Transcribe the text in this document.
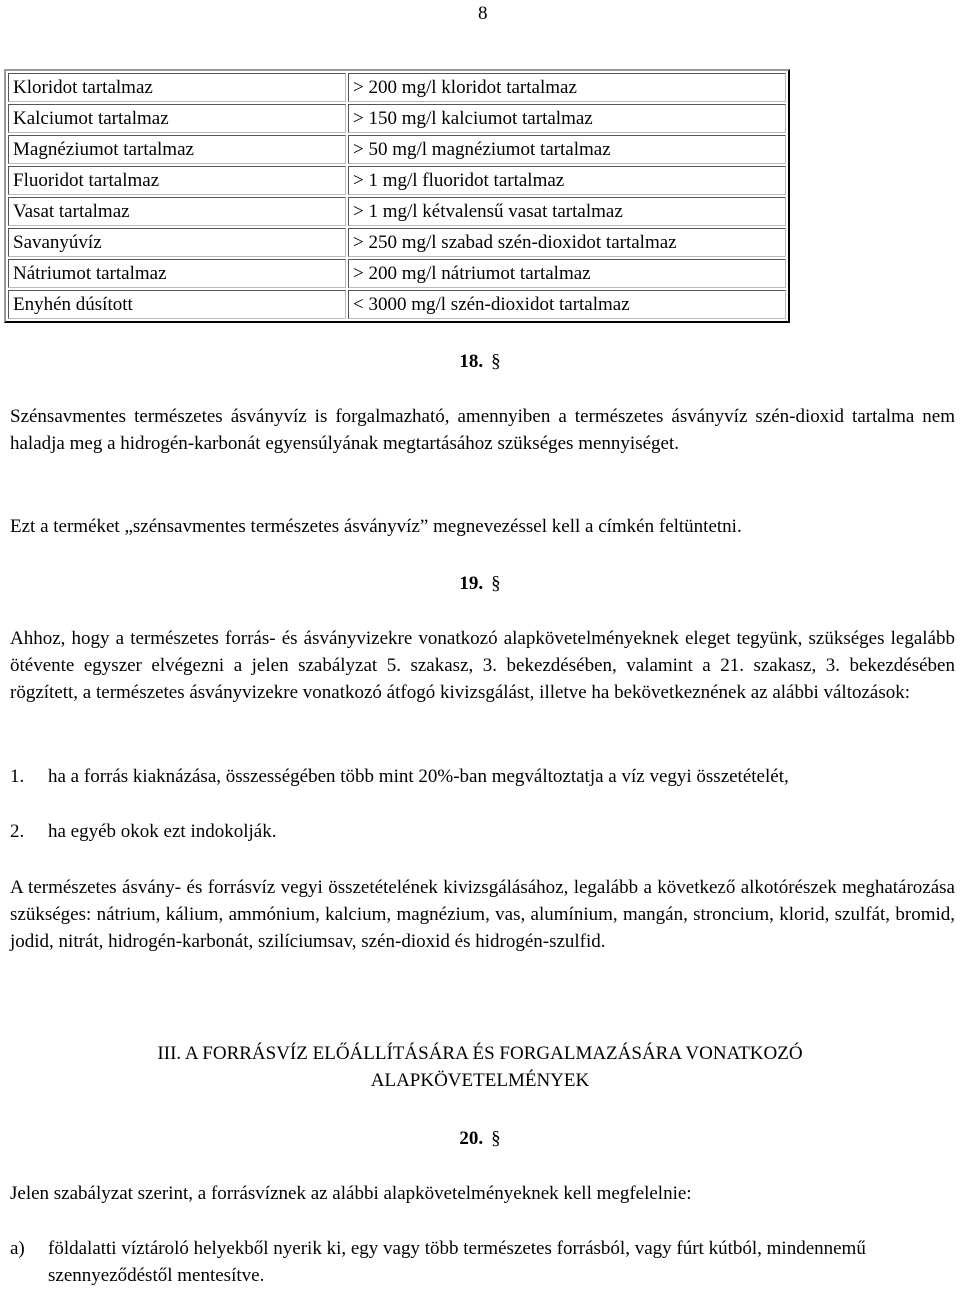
8
Kloridot tartalmaz	> 200 mg/l kloridot tartalmaz
Kalciumot tartalmaz	> 150 mg/l kalciumot tartalmaz
Magnéziumot tartalmaz	> 50 mg/l magnéziumot tartalmaz
Fluoridot tartalmaz	> 1 mg/l fluoridot tartalmaz
Vasat tartalmaz	> 1 mg/l kétvalensű vasat tartalmaz
Savanyúvíz	> 250 mg/l szabad szén-dioxidot tartalmaz
Nátriumot tartalmaz	> 200 mg/l nátriumot tartalmaz
Enyhén dúsított	< 3000 mg/l szén-dioxidot tartalmaz
18. §
Szénsavmentes természetes ásványvíz is forgalmazható, amennyiben a természetes ásványvíz szén-dioxid tartalma nem haladja meg a hidrogén-karbonát egyensúlyának megtartásához szükséges mennyiséget.
Ezt a terméket „szénsavmentes természetes ásványvíz” megnevezéssel kell a címkén feltüntetni.
19. §
Ahhoz, hogy a természetes forrás- és ásványvizekre vonatkozó alapkövetelményeknek eleget tegyünk, szükséges legalább ötévente egyszer elvégezni a jelen szabályzat 5. szakasz, 3. bekezdésében, valamint a 21. szakasz, 3. bekezdésében rögzített, a természetes ásványvizekre vonatkozó átfogó kivizsgálást, illetve ha bekövetkeznének az alábbi változások:
1. ha a forrás kiaknázása, összességében több mint 20%-ban megváltoztatja a víz vegyi összetételét,
2. ha egyéb okok ezt indokolják.
A természetes ásvány- és forrásvíz vegyi összetételének kivizsgálásához, legalább a következő alkotórészek meghatározása szükséges: nátrium, kálium, ammónium, kalcium, magnézium, vas, alumínium, mangán, stroncium, klorid, szulfát, bromid, jodid, nitrát, hidrogén-karbonát, szilíciumsav, szén-dioxid és hidrogén-szulfid.
III. A FORRÁSVÍZ ELŐÁLLÍTÁSÁRA ÉS FORGALMAZÁSÁRA VONATKOZÓ
ALAPKÖVETELMÉNYEK
20. §
Jelen szabályzat szerint, a forrásvíznek az alábbi alapkövetelményeknek kell megfelelnie:
a) földalatti víztároló helyekből nyerik ki, egy vagy több természetes forrásból, vagy fúrt kútból, mindennemű szennyeződéstől mentesítve.
